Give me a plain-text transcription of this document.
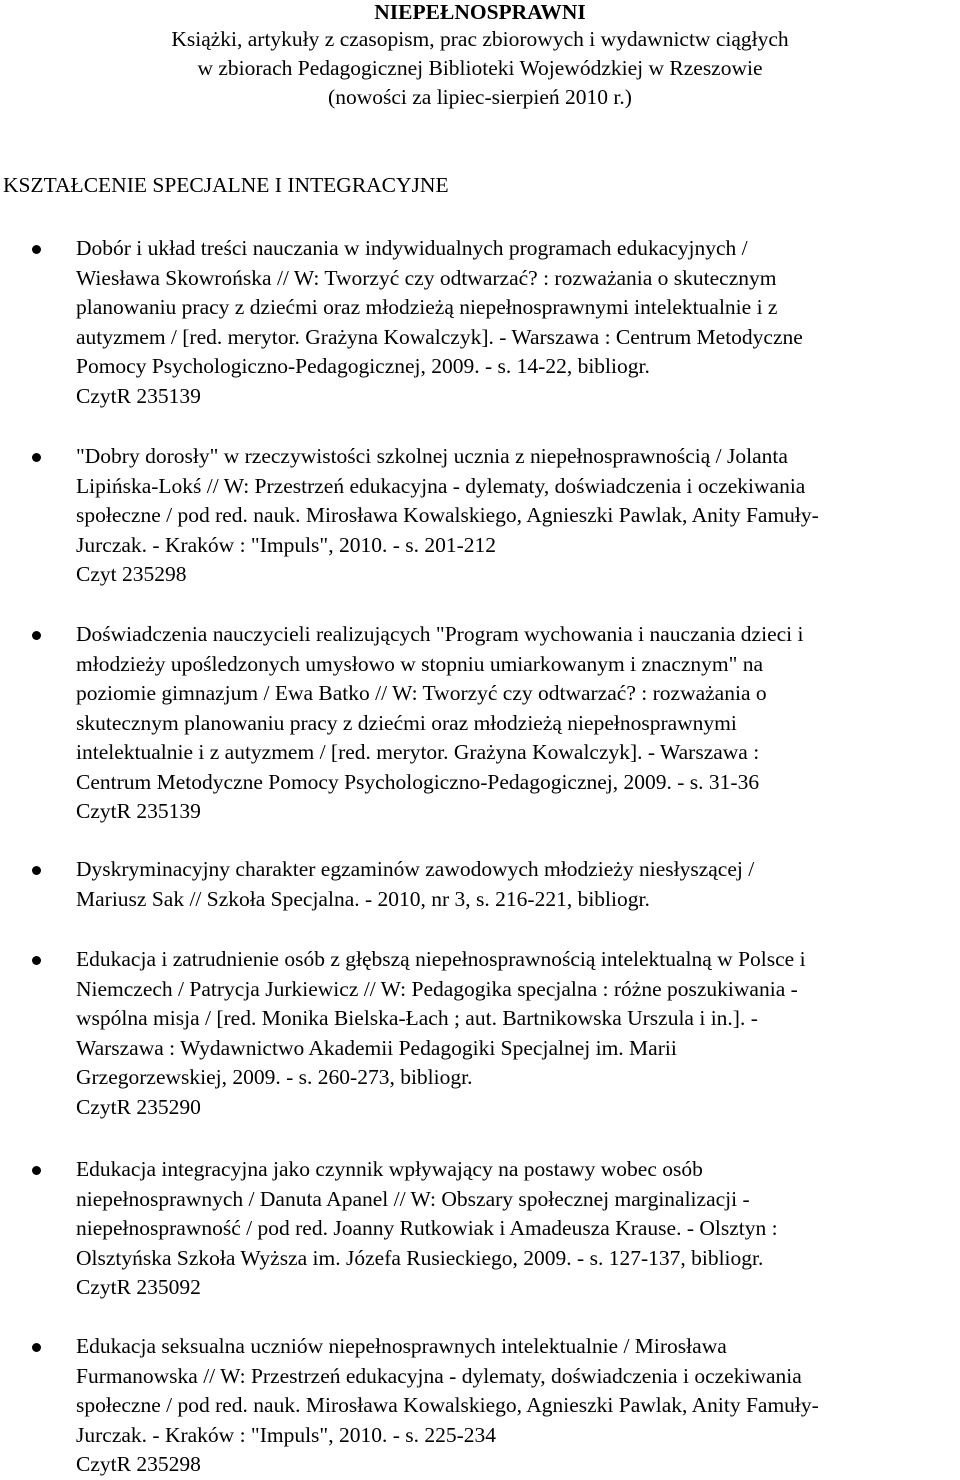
NIEPEŁNOSPRAWNI
Książki, artykuły z czasopism, prac zbiorowych i wydawnictw ciągłych
w zbiorach Pedagogicznej Biblioteki Wojewódzkiej w Rzeszowie
(nowości za lipiec-sierpień 2010 r.)
KSZTAŁCENIE SPECJALNE I INTEGRACYJNE
Dobór i układ treści nauczania w indywidualnych programach edukacyjnych /
Wiesława Skowrońska // W: Tworzyć czy odtwarzać? : rozważania o skutecznym
planowaniu pracy z dziećmi oraz młodzieżą niepełnosprawnymi intelektualnie i z
autyzmem / [red. merytor. Grażyna Kowalczyk]. - Warszawa : Centrum Metodyczne
Pomocy Psychologiczno-Pedagogicznej, 2009. - s. 14-22, bibliogr.
CzytR 235139
"Dobry dorosły" w rzeczywistości szkolnej ucznia z niepełnosprawnością / Jolanta
Lipińska-Lokś // W: Przestrzeń edukacyjna - dylematy, doświadczenia i oczekiwania
społeczne / pod red. nauk. Mirosława Kowalskiego, Agnieszki Pawlak, Anity Famuły-
Jurczak. - Kraków : "Impuls", 2010. - s. 201-212
Czyt 235298
Doświadczenia nauczycieli realizujących "Program wychowania i nauczania dzieci i
młodzieży upośledzonych umysłowo w stopniu umiarkowanym i znacznym" na
poziomie gimnazjum / Ewa Batko // W: Tworzyć czy odtwarzać? : rozważania o
skutecznym planowaniu pracy z dziećmi oraz młodzieżą niepełnosprawnymi
intelektualnie i z autyzmem / [red. merytor. Grażyna Kowalczyk]. - Warszawa :
Centrum Metodyczne Pomocy Psychologiczno-Pedagogicznej, 2009. - s. 31-36
CzytR 235139
Dyskryminacyjny charakter egzaminów zawodowych młodzieży niesłyszącej /
Mariusz Sak // Szkoła Specjalna. - 2010, nr 3, s. 216-221, bibliogr.
Edukacja i zatrudnienie osób z głębszą niepełnosprawnością intelektualną w Polsce i
Niemczech / Patrycja Jurkiewicz // W: Pedagogika specjalna : różne poszukiwania -
wspólna misja / [red. Monika Bielska-Łach ; aut. Bartnikowska Urszula i in.]. -
Warszawa : Wydawnictwo Akademii Pedagogiki Specjalnej im. Marii
Grzegorzewskiej, 2009. - s. 260-273, bibliogr.
CzytR 235290
Edukacja integracyjna jako czynnik wpływający na postawy wobec osób
niepełnosprawnych / Danuta Apanel // W: Obszary społecznej marginalizacji -
niepełnosprawność / pod red. Joanny Rutkowiak i Amadeusza Krause. - Olsztyn :
Olsztyńska Szkoła Wyższa im. Józefa Rusieckiego, 2009. - s. 127-137, bibliogr.
CzytR 235092
Edukacja seksualna uczniów niepełnosprawnych intelektualnie / Mirosława
Furmanowska // W: Przestrzeń edukacyjna - dylematy, doświadczenia i oczekiwania
społeczne / pod red. nauk. Mirosława Kowalskiego, Agnieszki Pawlak, Anity Famuły-
Jurczak. - Kraków : "Impuls", 2010. - s. 225-234
CzytR 235298
